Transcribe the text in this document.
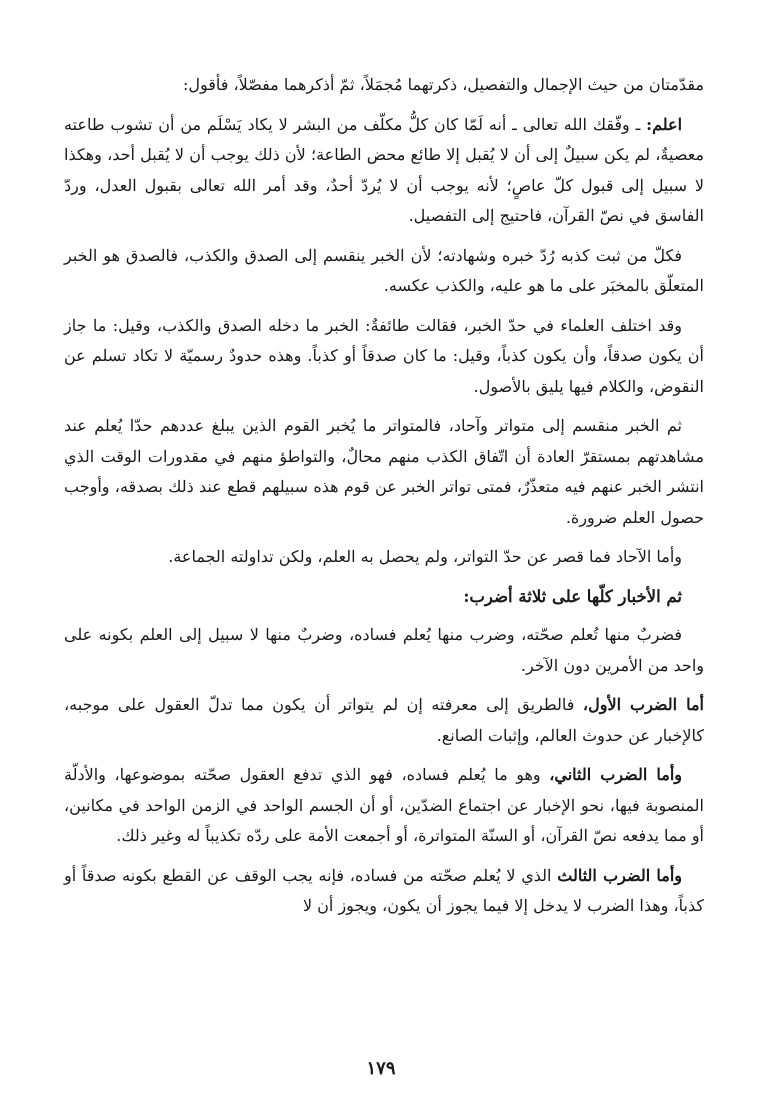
مقدّمتان من حيث الإجمال والتفصيل، ذكرتهما مُجمَلاً، ثمّ أذكرهما مفصّلاً، فأقول:

اعلم: ـ وفّقك الله تعالى ـ أنه لَمّا كان كلُّ مكلّف من البشر لا يكاد يَسْلَم من أن تشوب طاعته معصيةٌ، لم يكن سبيلٌ إلى أن لا يُقبل إلا طائع محض الطاعة؛ لأن ذلك يوجب أن لا يُقبل أحد، وهكذا لا سبيل إلى قبول كلّ عاصٍ؛ لأنه يوجب أن لا يُردّ أحدٌ، وقد أمر الله تعالى بقبول العدل، وردّ الفاسق في نصّ القرآن، فاحتيج إلى التفصيل.

فكلّ من ثبت كذبه رُدّ خبره وشهادته؛ لأن الخبر ينقسم إلى الصدق والكذب، فالصدق هو الخبر المتعلّق بالمخبَر على ما هو عليه، والكذب عكسه.

وقد اختلف العلماء في حدّ الخبر، فقالت طائفةٌ: الخبر ما دخله الصدق والكذب، وقيل: ما جاز أن يكون صدقاً، وأن يكون كذباً، وقيل: ما كان صدقاً أو كذباً. وهذه حدودٌ رسميّة لا تكاد تسلم عن النقوض، والكلام فيها يليق بالأصول.

ثم الخبر منقسم إلى متواتر وآحاد، فالمتواتر ما يُخبر القوم الذين يبلغ عددهم حدّا يُعلم عند مشاهدتهم بمستقرّ العادة أن اتّفاق الكذب منهم محالٌ، والتواطؤ منهم في مقدورات الوقت الذي انتشر الخبر عنهم فيه متعذّرٌ، فمتى تواتر الخبر عن قوم هذه سبيلهم قطع عند ذلك بصدقه، وأوجب حصول العلم ضرورة.

وأما الآحاد فما قصر عن حدّ التواتر، ولم يحصل به العلم، ولكن تداولته الجماعة.

ثم الأخبار كلّها على ثلاثة أضرب:

فضربٌ منها تُعلم صحّته، وضرب منها يُعلم فساده، وضربٌ منها لا سبيل إلى العلم بكونه على واحد من الأمرين دون الآخر.

أما الضرب الأول، فالطريق إلى معرفته إن لم يتواتر أن يكون مما تدلّ العقول على موجبه، كالإخبار عن حدوث العالم، وإثبات الصانع.

وأما الضرب الثاني، وهو ما يُعلم فساده، فهو الذي تدفع العقول صحّته بموضوعها، والأدلّة المنصوبة فيها، نحو الإخبار عن اجتماع الضدّين، أو أن الجسم الواحد في الزمن الواحد في مكانين، أو مما يدفعه نصّ القرآن، أو السنّة المتواترة، أو أجمعت الأمة على ردّه تكذيباً له وغير ذلك.

وأما الضرب الثالث الذي لا يُعلم صحّته من فساده، فإنه يجب الوقف عن القطع بكونه صدقاً أو كذباً، وهذا الضرب لا يدخل إلا فيما يجوز أن يكون، ويجوز أن لا

١٧٩
